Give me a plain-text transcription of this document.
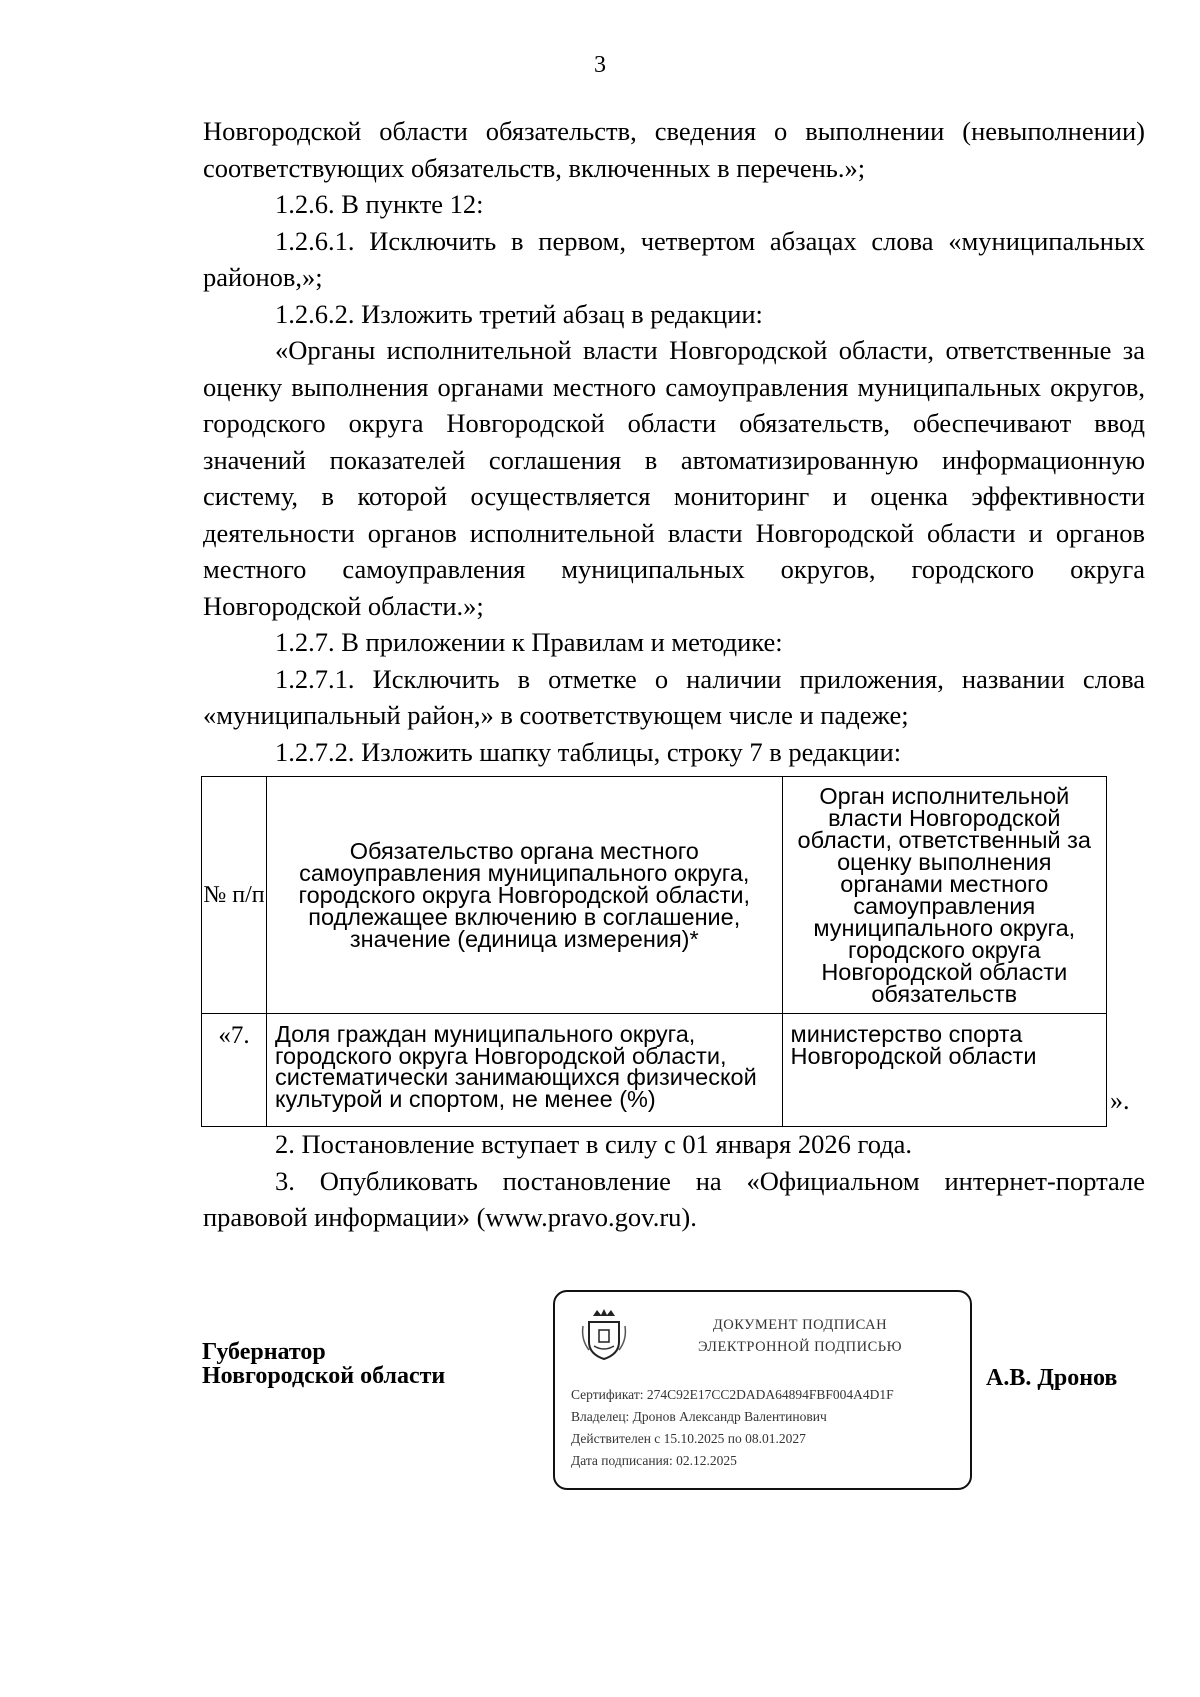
3

Новгородской области обязательств, сведения о выполнении (невыполнении) соответствующих обязательств, включенных в перечень.»;

1.2.6. В пункте 12:

1.2.6.1. Исключить в первом, четвертом абзацах слова «муниципальных районов,»;

1.2.6.2. Изложить третий абзац в редакции:

«Органы исполнительной власти Новгородской области, ответственные за оценку выполнения органами местного самоуправления муниципальных округов, городского округа Новгородской области обязательств, обеспечивают ввод значений показателей соглашения в автоматизированную информационную систему, в которой осуществляется мониторинг и оценка эффективности деятельности органов исполнительной власти Новгородской области и органов местного самоуправления муниципальных округов, городского округа Новгородской области.»;

1.2.7. В приложении к Правилам и методике:

1.2.7.1. Исключить в отметке о наличии приложения, названии слова «муниципальный район,» в соответствующем числе и падеже;

1.2.7.2. Изложить шапку таблицы, строку 7 в редакции:

№ п/п	Обязательство органа местного самоуправления муниципального округа, городского округа Новгородской области, подлежащее включению в соглашение, значение (единица измерения)*	Орган исполнительной власти Новгородской области, ответственный за оценку выполнения органами местного самоуправления муниципального округа, городского округа Новгородской области обязательств
«7.	Доля граждан муниципального округа, городского округа Новгородской области, систематически занимающихся физической культурой и спортом, не менее (%)	министерство спорта Новгородской области
».

2. Постановление вступает в силу с 01 января 2026 года.

3. Опубликовать постановление на «Официальном интернет-портале правовой информации» (www.pravo.gov.ru).

Губернатор
Новгородской области	А.В. Дронов
ДОКУМЕНТ ПОДПИСАН
ЭЛЕКТРОННОЙ ПОДПИСЬЮ
Сертификат: 274C92E17CC2DADA64894FBF004A4D1F
Владелец: Дронов Александр Валентинович
Действителен с 15.10.2025 по 08.01.2027
Дата подписания: 02.12.2025
